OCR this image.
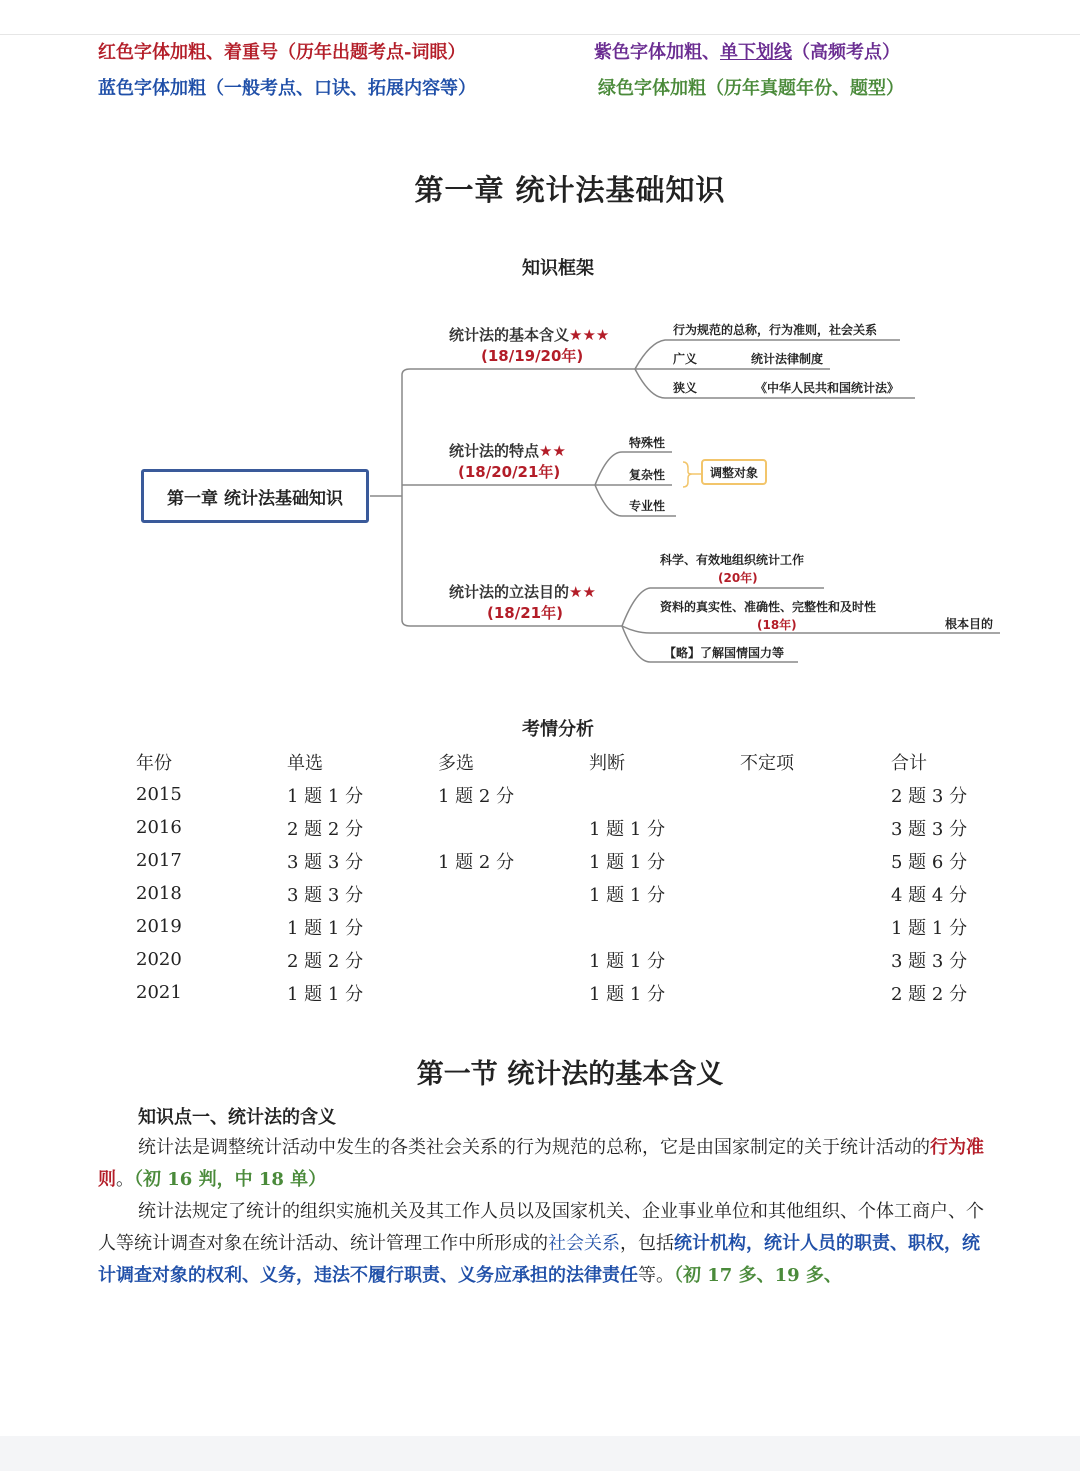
红色字体加粗、着重号（历年出题考点-词眼）	紫色字体加粗、单下划线（高频考点）
蓝色字体加粗（一般考点、口诀、拓展内容等）	绿色字体加粗（历年真题年份、题型）
第一章 统计法基础知识
知识框架
第一章 统计法基础知识
统计法的基本含义★★★
(18/19/20年)
行为规范的总称，行为准则，社会关系
广义	统计法律制度
狭义	《中华人民共和国统计法》
统计法的特点★★
(18/20/21年)
特殊性
复杂性
专业性
调整对象
统计法的立法目的★★
(18/21年)
科学、有效地组织统计工作
(20年)
资料的真实性、准确性、完整性和及时性
(18年)	根本目的
【略】了解国情国力等
考情分析
年份	单选	多选	判断	不定项	合计
2015	1 题 1 分	1 题 2 分			2 题 3 分
2016	2 题 2 分		1 题 1 分		3 题 3 分
2017	3 题 3 分	1 题 2 分	1 题 1 分		5 题 6 分
2018	3 题 3 分		1 题 1 分		4 题 4 分
2019	1 题 1 分				1 题 1 分
2020	2 题 2 分		1 题 1 分		3 题 3 分
2021	1 题 1 分		1 题 1 分		2 题 2 分
第一节 统计法的基本含义
知识点一、统计法的含义
统计法是调整统计活动中发生的各类社会关系的行为规范的总称，它是由国家制定的关于统计活动的行为准则。（初 16 判，中 18 单）
统计法规定了统计的组织实施机关及其工作人员以及国家机关、企业事业单位和其他组织、个体工商户、个人等统计调查对象在统计活动、统计管理工作中所形成的社会关系，包括统计机构，统计人员的职责、职权，统计调查对象的权利、义务，违法不履行职责、义务应承担的法律责任等。（初 17 多、19 多、
